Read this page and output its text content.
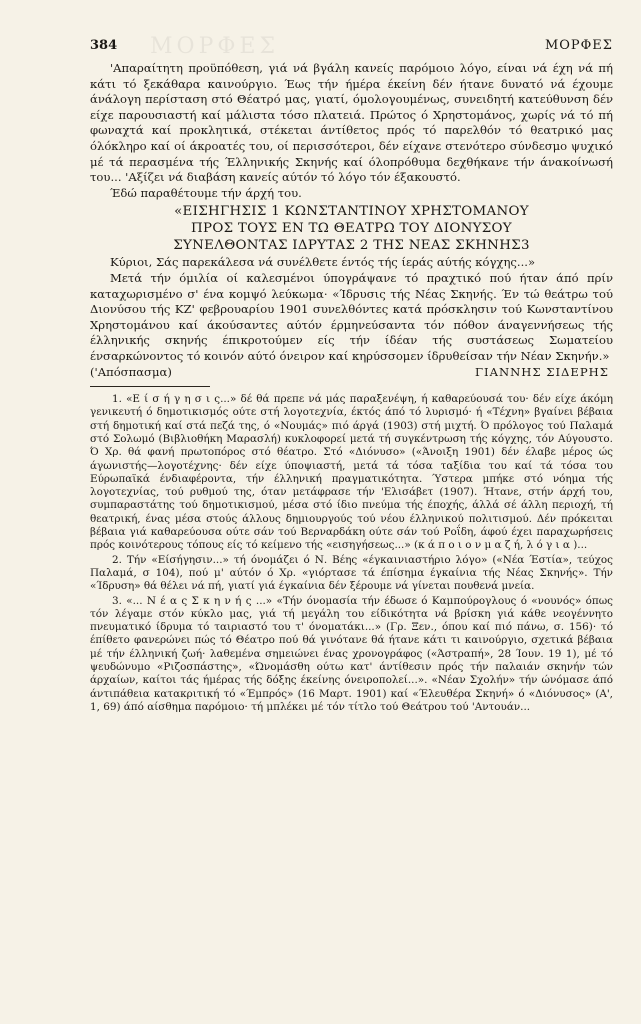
ΜΟΡΦΕΣ
384	ΜΟΡΦΕΣ

'Απαραίτητη προϋπόθεση, γιά νά βγάλη κανείς παρόμοιο λόγο, είναι νά έχη νά πή κάτι τό ξεκάθαρα καινούργιο. Έως τήν ήμέρα έκείνη δέν ήτανε δυνατό νά έχουμε άνάλογη περίσταση στό Θέατρό μας, γιατί, όμολογουμένως, συνειδητή κατεύθυνση δέν είχε παρουσιαστή καί μάλιστα τόσο πλατειά. Πρώτος ό Χρηστομάνος, χωρίς νά τό πή φωναχτά καί προκλητικά, στέκεται άντίθετος πρός τό παρελθόν τό θεατρικό μας όλόκληρο καί οί άκροατές του, οί περισσότεροι, δέν είχανε στενότερο σύνδεσμο ψυχικό μέ τά περασμένα τής Έλληνικής Σκηνής καί όλοπρόθυμα δεχθήκανε τήν άνακοίνωσή του... 'Αξίζει νά διαβάση κανείς αύτόν τό λόγο τόν έξακουστό.

Έδώ παραθέτουμε τήν άρχή του.

«ΕΙΣΗΓΗΣΙΣ 1 ΚΩΝΣΤΑΝΤΙΝΟΥ ΧΡΗΣΤΟΜΑΝΟΥ
ΠΡΟΣ ΤΟΥΣ ΕΝ ΤΩ ΘΕΑΤΡΩ ΤΟΥ ΔΙΟΝΥΣΟΥ
ΣΥΝΕΛΘΟΝΤΑΣ ΙΔΡΥΤΑΣ 2 ΤΗΣ ΝΕΑΣ ΣΚΗΝΗΣ3

Κύριοι, Σάς παρεκάλεσα νά συνέλθετε έντός τής ίεράς αύτής κόγχης...»

Μετά τήν όμιλία οί καλεσμένοι ύπογράψανε τό πραχτικό πού ήταν άπό πρίν καταχωρισμένο σ' ένα κομψό λεύκωμα· «Ίδρυσις τής Νέας Σκηνής. Έν τώ θεάτρω τού Διονύσου τής ΚΖ' φεβρουαρίου 1901 συνελθόντες κατά πρόσκλησιν τού Κωνσταντίνου Χρηστομάνου καί άκούσαντες αύτόν έρμηνεύσαντα τόν πόθον άναγεννήσεως τής έλληνικής σκηνής έπικροτούμεν είς τήν ίδέαν τής συστάσεως Σωματείου ένσαρκώνοντος τό κοινόν αύτό όνειρον καί κηρύσσομεν ίδρυθείσαν τήν Νέαν Σκηνήν.»

('Απόσπασμα)	ΓΙΑΝΝΗΣ ΣΙΔΕΡΗΣ

1. «Ε ί σ ή γ η σ ι ς...» δέ θά πρεπε νά μάς παραξενέψη, ή καθαρεύουσά του· δέν είχε άκόμη γενικευτή ό δημοτικισμός ούτε στή λογοτεχνία, έκτός άπό τό λυρισμό· ή «Τέχνη» βγαίνει βέβαια στή δημοτική καί στά πεζά της, ό «Νουμάς» πιό άργά (1903) στή μιχτή. Ό πρόλογος τού Παλαμά στό Σολωμό (Βιβλιοθήκη Μαρασλή) κυκλοφορεί μετά τή συγκέντρωση τής κόγχης, τόν Αύγουστο. Ό Χρ. θά φανή πρωτοπόρος στό θέατρο. Στό «Διόνυσο» («Άνοιξη 1901) δέν έλαβε μέρος ώς άγωνιστής—λογοτέχνης· δέν είχε ύποψιαστή, μετά τά τόσα ταξίδια του καί τά τόσα του Εύρωπαϊκά ένδιαφέροντα, τήν έλληνική πραγματικότητα. Ύστερα μπήκε στό νόημα τής λογοτεχνίας, τού ρυθμού της, όταν μετάφρασε τήν 'Ελισάβετ (1907). Ήτανε, στήν άρχή του, συμπαραστάτης τού δημοτικισμού, μέσα στό ίδιο πνεύμα τής έποχής, άλλά σέ άλλη περιοχή, τή θεατρική, ένας μέσα στούς άλλους δημιουργούς τού νέου έλληνικού πολιτισμού. Δέν πρόκειται βέβαια γιά καθαρεύουσα ούτε σάν τού Βερναρδάκη ούτε σάν τού Ροΐδη, άφού έχει παραχωρήσεις πρός κοινότερους τόπους είς τό κείμενο τής «εισηγήσεως...» (κ ά π ο ι ο ν μ α ζ ή, λ ό γ ι α )...

2. Τήν «Είσήγησιν...» τή όνομάζει ό Ν. Βέης «έγκαινιαστήριο λόγο» («Νέα Έστία», τεύχος Παλαμά, σ 104), πού μ' αύτόν ό Χρ. «γιόρτασε τά έπίσημα έγκαίνια τής Νέας Σκηνής». Τήν «Ίδρυση» θά θέλει νά πή, γιατί γιά έγκαίνια δέν ξέρουμε νά γίνεται πουθενά μνεία.

3. «... Ν έ α ς Σ κ η ν ή ς ...» «Τήν όνομασία τήν έδωσε ό Καμπούρογλους ό «νουνός» όπως τόν λέγαμε στόν κύκλο μας, γιά τή μεγάλη του είδικότητα νά βρίσκη γιά κάθε νεογέννητο πνευματικό ίδρυμα τό ταιριαστό του τ' όνοματάκι...» (Γρ. Ξεν., όπου καί πιό πάνω, σ. 156)· τό έπίθετο φανερώνει πώς τό Θέατρο πού θά γινότανε θά ήτανε κάτι τι καινούργιο, σχετικά βέβαια μέ τήν έλληνική ζωή· λαθεμένα σημειώνει ένας χρονογράφος («Άστραπή», 28 Ίουν. 19 1), μέ τό ψευδώνυμο «Ριζοσπάστης», «Ώνομάσθη ούτω κατ' άντίθεσιν πρός τήν παλαιάν σκηνήν τών άρχαίων, καίτοι τάς ήμέρας τής δόξης έκείνης όνειροπολεί...». «Νέαν Σχολήν» τήν ώνόμασε άπό άντιπάθεια κατακριτική τό «Έμπρός» (16 Μαρτ. 1901) καί «Έλευθέρα Σκηνή» ό «Διόνυσος» (Α', 1, 69) άπό αίσθημα παρόμοιο· τή μπλέκει μέ τόν τίτλο τού Θεάτρου τού 'Αντουάν...
